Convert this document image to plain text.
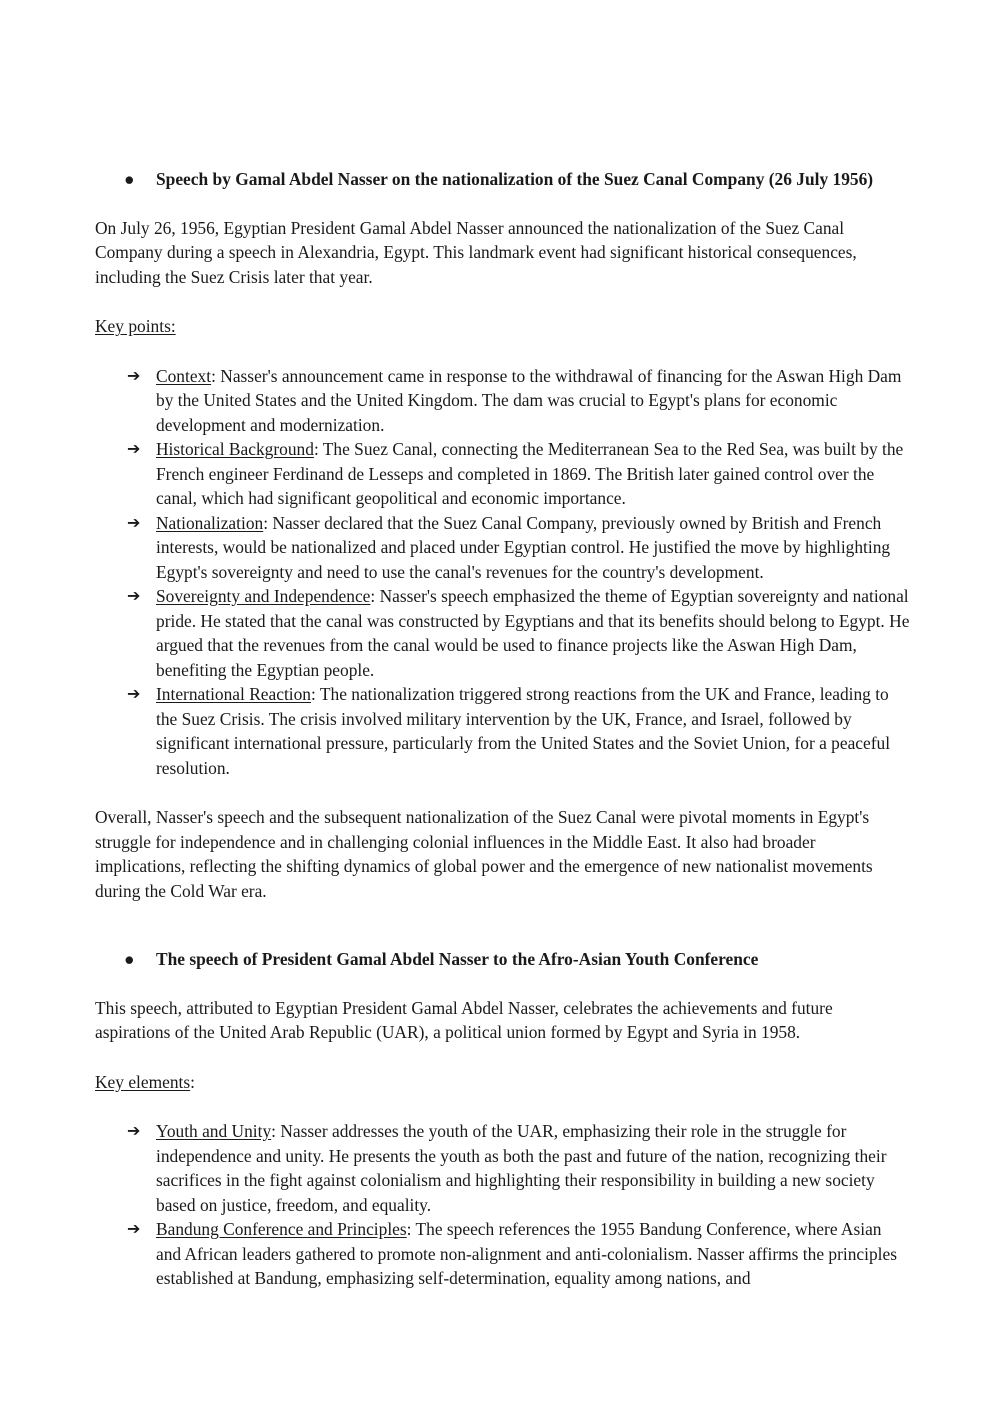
● Speech by Gamal Abdel Nasser on the nationalization of the Suez Canal Company (26 July 1956)

On July 26, 1956, Egyptian President Gamal Abdel Nasser announced the nationalization of the Suez Canal Company during a speech in Alexandria, Egypt. This landmark event had significant historical consequences, including the Suez Crisis later that year.

Key points:

➔ Context: Nasser's announcement came in response to the withdrawal of financing for the Aswan High Dam by the United States and the United Kingdom. The dam was crucial to Egypt's plans for economic development and modernization.
➔ Historical Background: The Suez Canal, connecting the Mediterranean Sea to the Red Sea, was built by the French engineer Ferdinand de Lesseps and completed in 1869. The British later gained control over the canal, which had significant geopolitical and economic importance.
➔ Nationalization: Nasser declared that the Suez Canal Company, previously owned by British and French interests, would be nationalized and placed under Egyptian control. He justified the move by highlighting Egypt's sovereignty and need to use the canal's revenues for the country's development.
➔ Sovereignty and Independence: Nasser's speech emphasized the theme of Egyptian sovereignty and national pride. He stated that the canal was constructed by Egyptians and that its benefits should belong to Egypt. He argued that the revenues from the canal would be used to finance projects like the Aswan High Dam, benefiting the Egyptian people.
➔ International Reaction: The nationalization triggered strong reactions from the UK and France, leading to the Suez Crisis. The crisis involved military intervention by the UK, France, and Israel, followed by significant international pressure, particularly from the United States and the Soviet Union, for a peaceful resolution.

Overall, Nasser's speech and the subsequent nationalization of the Suez Canal were pivotal moments in Egypt's struggle for independence and in challenging colonial influences in the Middle East. It also had broader implications, reflecting the shifting dynamics of global power and the emergence of new nationalist movements during the Cold War era.

● The speech of President Gamal Abdel Nasser to the Afro-Asian Youth Conference

This speech, attributed to Egyptian President Gamal Abdel Nasser, celebrates the achievements and future aspirations of the United Arab Republic (UAR), a political union formed by Egypt and Syria in 1958.

Key elements:

➔ Youth and Unity: Nasser addresses the youth of the UAR, emphasizing their role in the struggle for independence and unity. He presents the youth as both the past and future of the nation, recognizing their sacrifices in the fight against colonialism and highlighting their responsibility in building a new society based on justice, freedom, and equality.
➔ Bandung Conference and Principles: The speech references the 1955 Bandung Conference, where Asian and African leaders gathered to promote non-alignment and anti-colonialism. Nasser affirms the principles established at Bandung, emphasizing self-determination, equality among nations, and
